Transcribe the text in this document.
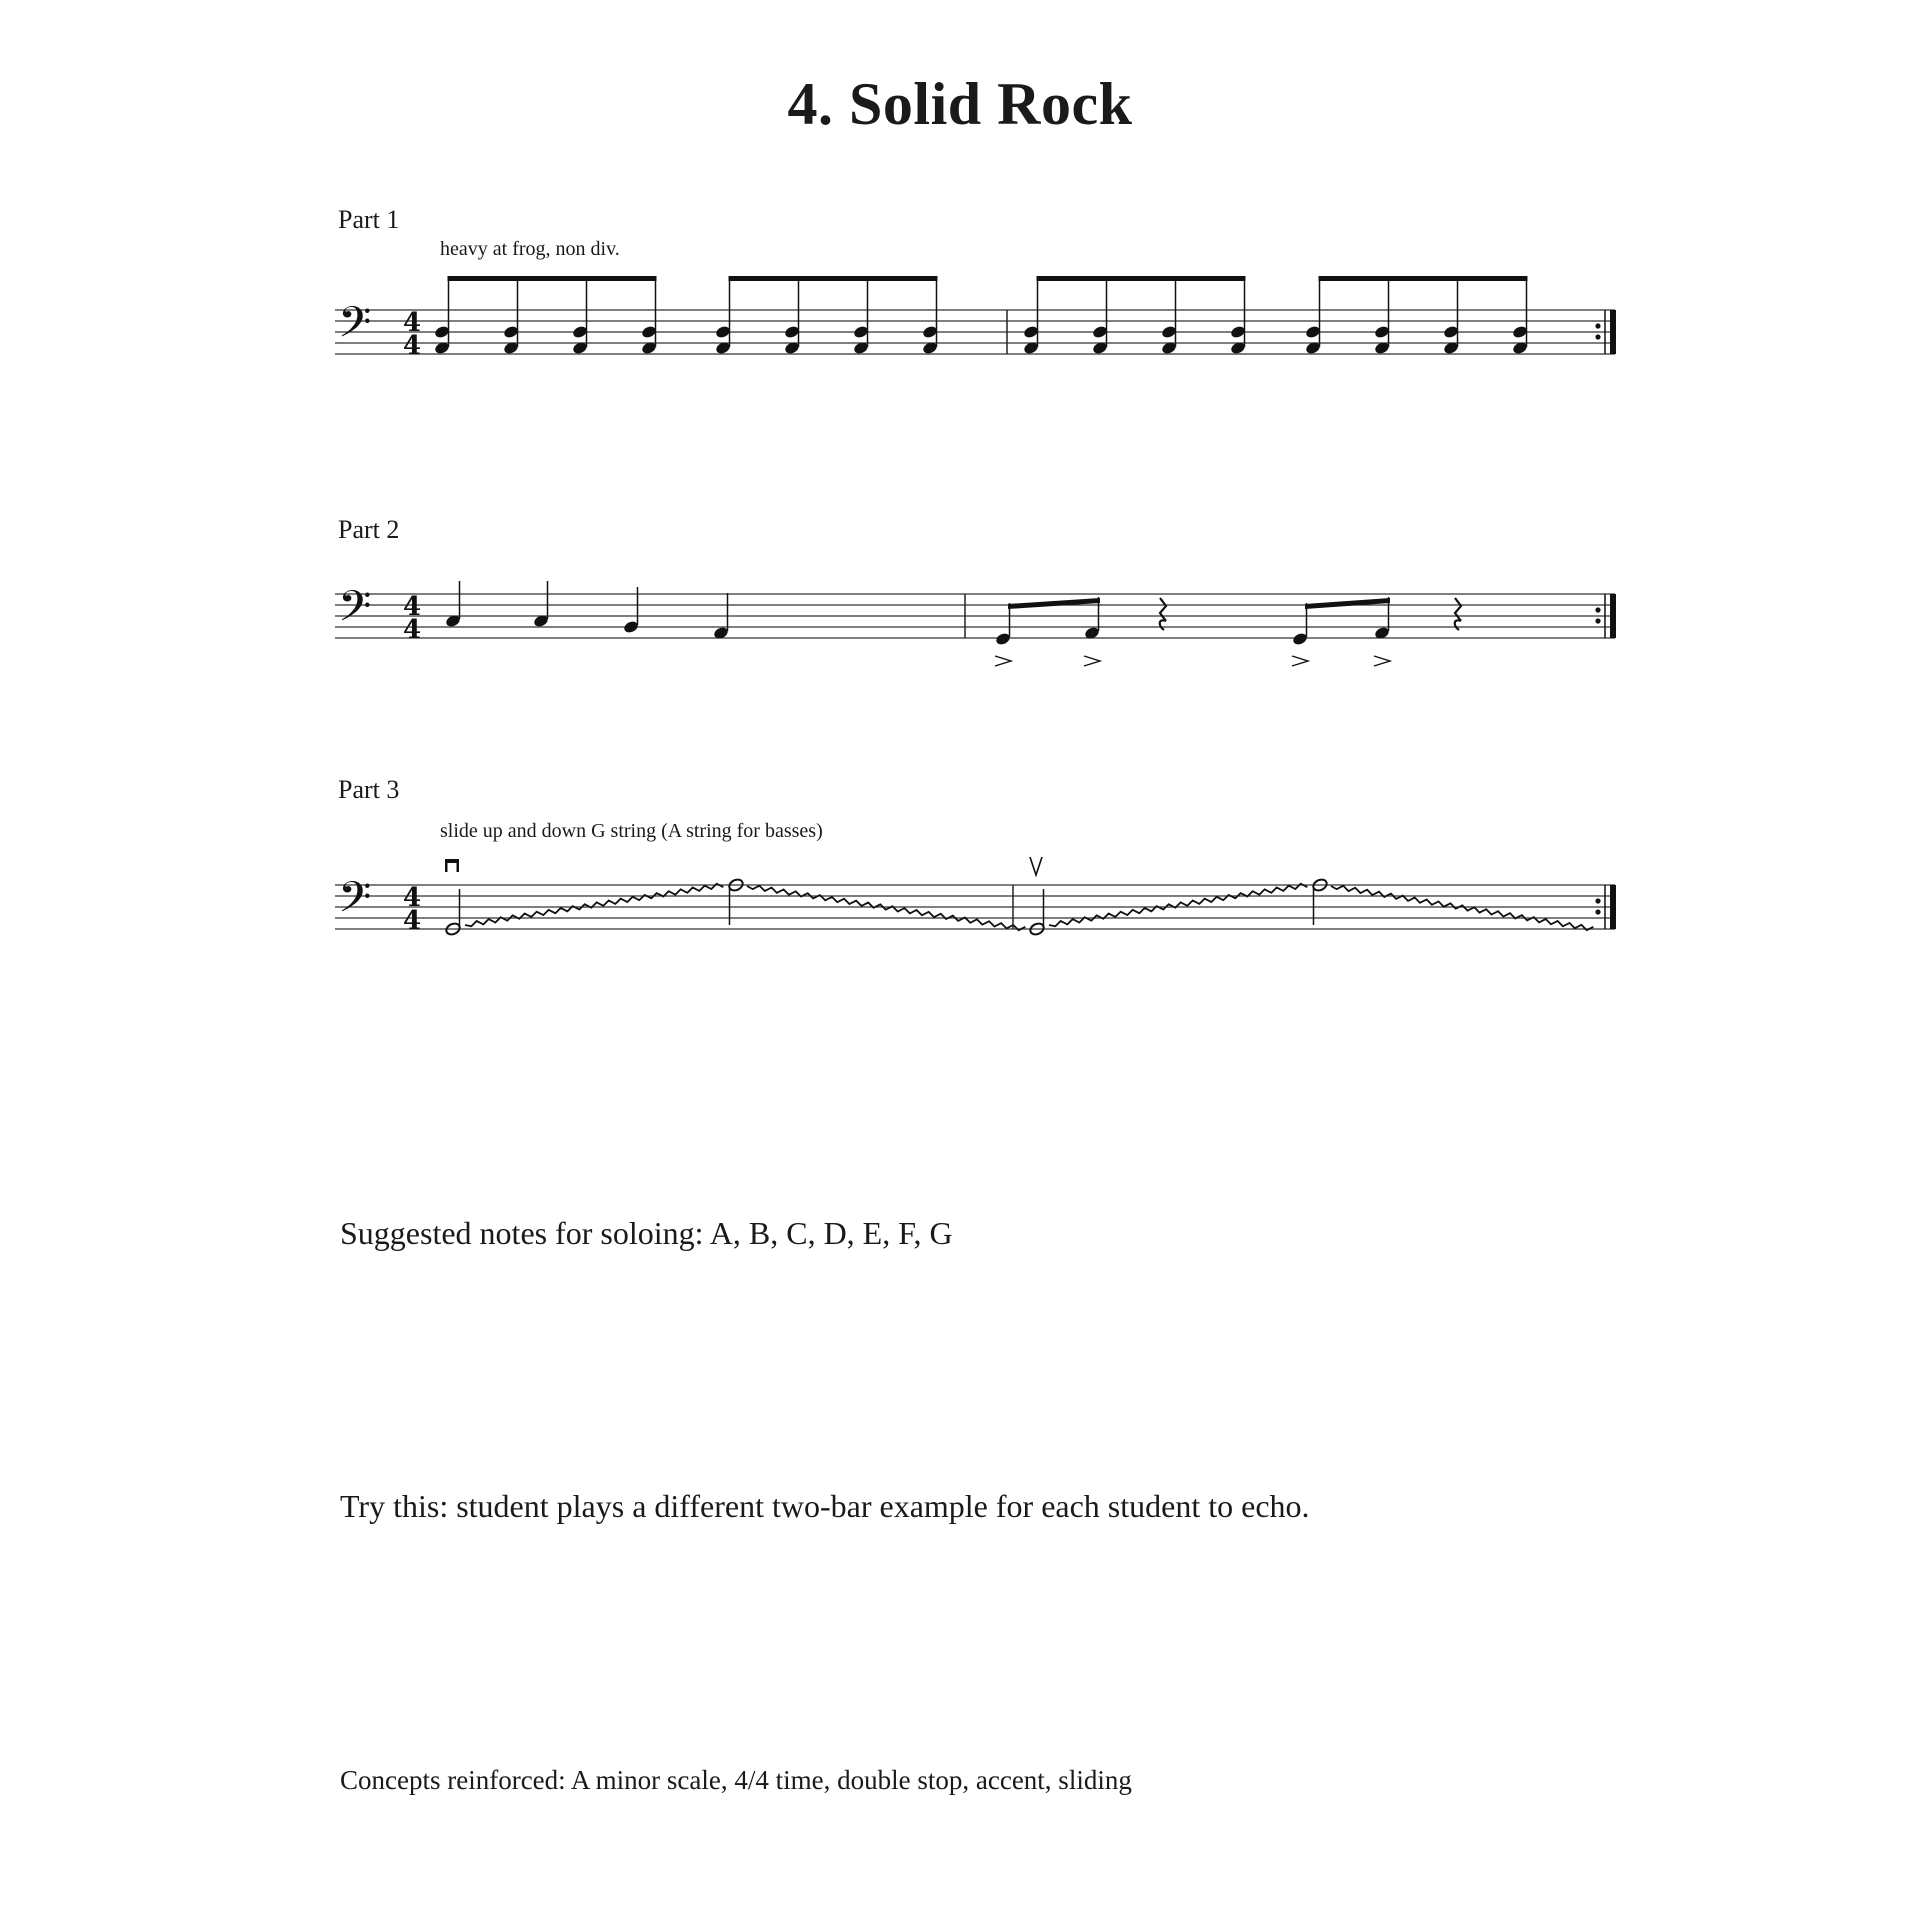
4. Solid Rock
Part 1
heavy at frog, non div.
𝄢 4
4
Part 2
𝄢 4
4
Part 3
slide up and down G string (A string for basses)
𝄢 4
4
Suggested notes for soloing: A, B, C, D, E, F, G
Try this: student plays a different two-bar example for each student to echo.
Concepts reinforced: A minor scale, 4/4 time, double stop, accent, sliding
